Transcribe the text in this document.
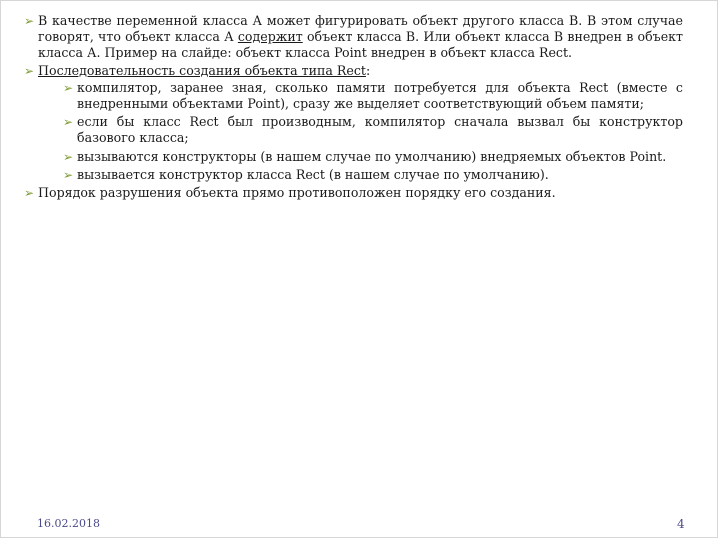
➢ В качестве переменной класса А может фигурировать объект другого класса В. В этом случае говорят, что объект класса А содержит объект класса В. Или объект класса В внедрен в объект класса А. Пример на слайде: объект класса Point внедрен в объект класса Rect.
➢ Последовательность создания объекта типа Rect:
➢ компилятор, заранее зная, сколько памяти потребуется для объекта Rect (вместе с внедренными объектами Point), сразу же выделяет соответствующий объем памяти;
➢ если бы класс Rect был производным, компилятор сначала вызвал бы конструктор базового класса;
➢ вызываются конструкторы (в нашем случае по умолчанию) внедряемых объектов Point.
➢ вызывается конструктор класса Rect (в нашем случае по умолчанию).
➢ Порядок разрушения объекта прямо противоположен порядку его создания.
16.02.2018	4
